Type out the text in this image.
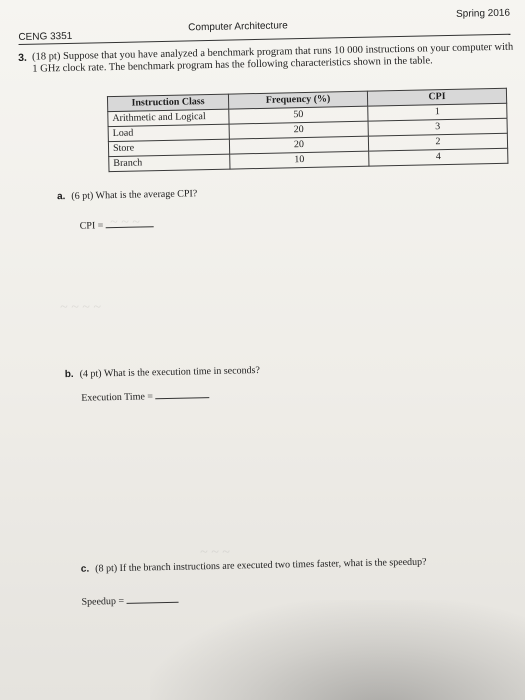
~ ~ ~
~ ~ ~ ~
~ ~ ~
CENG 3351
Computer Architecture
Spring 2016
3. (18 pt) Suppose that you have analyzed a benchmark program that runs 10 000 instructions on your computer with 1 GHz clock rate. The benchmark program has the following characteristics shown in the table.
Instruction Class	Frequency (%)	CPI
Arithmetic and Logical	50	1
Load	20	3
Store	20	2
Branch	10	4
a. (6 pt) What is the average CPI?
CPI =
b. (4 pt) What is the execution time in seconds?
Execution Time =
c. (8 pt) If the branch instructions are executed two times faster, what is the speedup?
Speedup =
